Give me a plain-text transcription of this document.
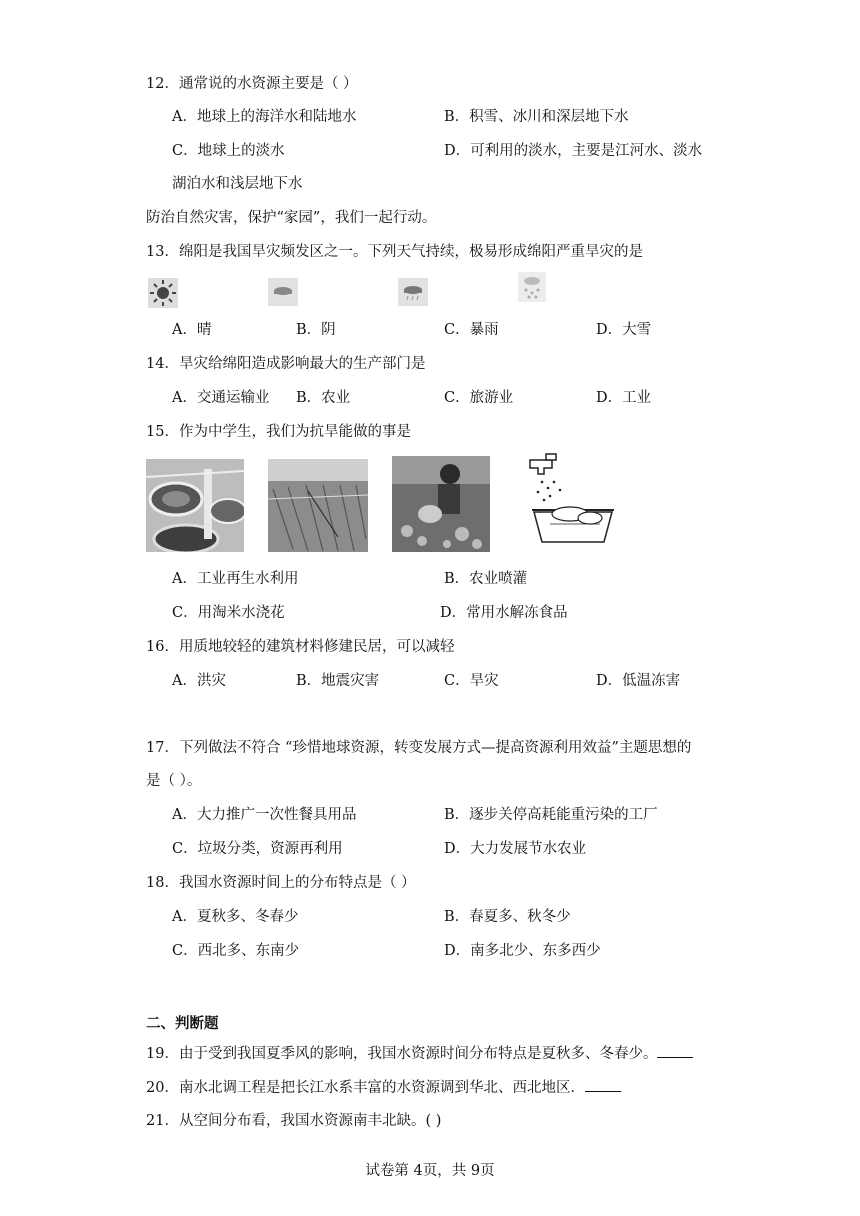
12．通常说的水资源主要是（ ）
A．地球上的海洋水和陆地水	B．积雪、冰川和深层地下水
C．地球上的淡水	D．可利用的淡水，主要是江河水、淡水
湖泊水和浅层地下水
防治自然灾害，保护“家园”，我们一起行动。
13．绵阳是我国旱灾频发区之一。下列天气持续，极易形成绵阳严重旱灾的是
A．晴	B．阴	C．暴雨	D．大雪
14．旱灾给绵阳造成影响最大的生产部门是
A．交通运输业 B．农业	C．旅游业	D．工业
15．作为中学生，我们为抗旱能做的事是
A．工业再生水利用	B．农业喷灌
C．用淘米水浇花	D．常用水解冻食品
16．用质地较轻的建筑材料修建民居，可以减轻
A．洪灾	B．地震灾害	C．旱灾	D．低温冻害
17．下列做法不符合 “珍惜地球资源，转变发展方式—提高资源利用效益”主题思想的
是（ ）。
A．大力推广一次性餐具用品	B．逐步关停高耗能重污染的工厂
C．垃圾分类，资源再利用	D．大力发展节水农业
18．我国水资源时间上的分布特点是（ ）
A．夏秋多、冬春少	B．春夏多、秋冬少
C．西北多、东南少	D．南多北少、东多西少
二、判断题
19．由于受到我国夏季风的影响，我国水资源时间分布特点是夏秋多、冬春少。
20．南水北调工程是把长江水系丰富的水资源调到华北、西北地区．
21．从空间分布看，我国水资源南丰北缺。( )
试卷第 4页，共 9页
